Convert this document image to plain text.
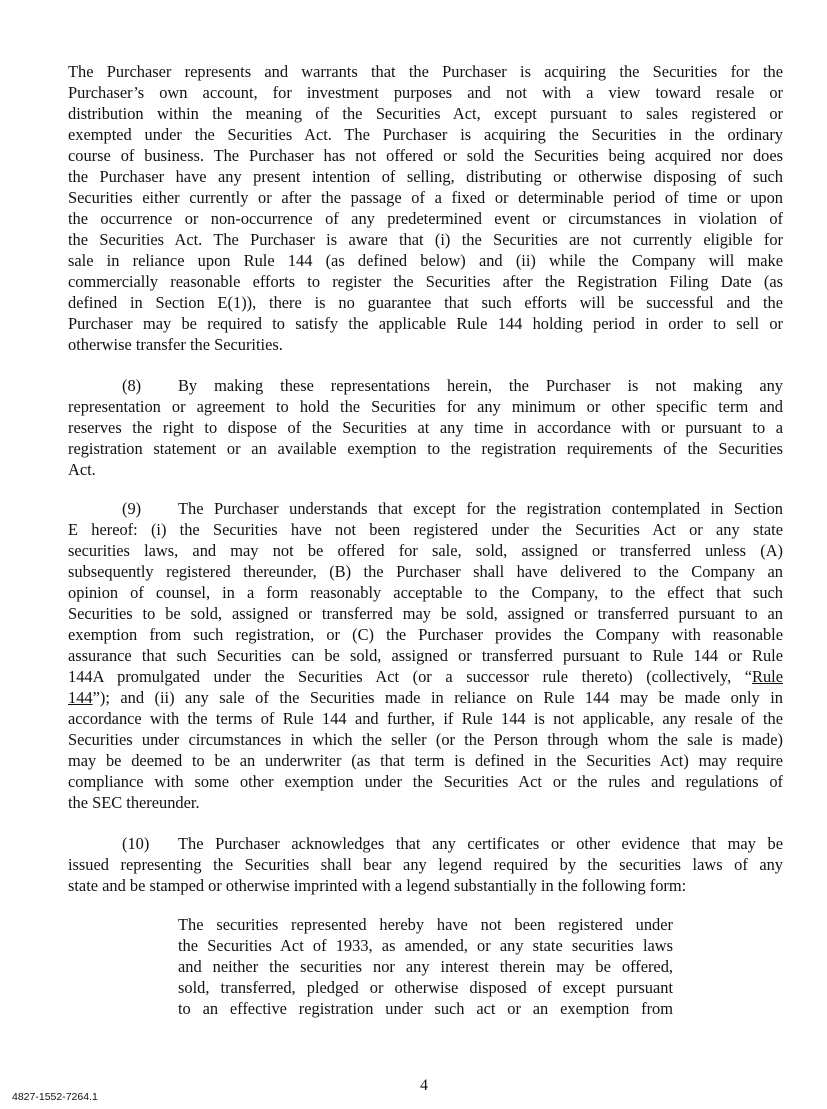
The Purchaser represents and warrants that the Purchaser is acquiring the Securities for the
Purchaser’s own account, for investment purposes and not with a view toward resale or
distribution within the meaning of the Securities Act, except pursuant to sales registered or
exempted under the Securities Act. The Purchaser is acquiring the Securities in the ordinary
course of business. The Purchaser has not offered or sold the Securities being acquired nor does
the Purchaser have any present intention of selling, distributing or otherwise disposing of such
Securities either currently or after the passage of a fixed or determinable period of time or upon
the occurrence or non-occurrence of any predetermined event or circumstances in violation of
the Securities Act. The Purchaser is aware that (i) the Securities are not currently eligible for
sale in reliance upon Rule 144 (as defined below) and (ii) while the Company will make
commercially reasonable efforts to register the Securities after the Registration Filing Date (as
defined in Section E(1)), there is no guarantee that such efforts will be successful and the
Purchaser may be required to satisfy the applicable Rule 144 holding period in order to sell or
otherwise transfer the Securities.
(8) By making these representations herein, the Purchaser is not making any
representation or agreement to hold the Securities for any minimum or other specific term and
reserves the right to dispose of the Securities at any time in accordance with or pursuant to a
registration statement or an available exemption to the registration requirements of the Securities
Act.
(9) The Purchaser understands that except for the registration contemplated in Section
E hereof: (i) the Securities have not been registered under the Securities Act or any state
securities laws, and may not be offered for sale, sold, assigned or transferred unless (A)
subsequently registered thereunder, (B) the Purchaser shall have delivered to the Company an
opinion of counsel, in a form reasonably acceptable to the Company, to the effect that such
Securities to be sold, assigned or transferred may be sold, assigned or transferred pursuant to an
exemption from such registration, or (C) the Purchaser provides the Company with reasonable
assurance that such Securities can be sold, assigned or transferred pursuant to Rule 144 or Rule
144A promulgated under the Securities Act (or a successor rule thereto) (collectively, “Rule
144”); and (ii) any sale of the Securities made in reliance on Rule 144 may be made only in
accordance with the terms of Rule 144 and further, if Rule 144 is not applicable, any resale of the
Securities under circumstances in which the seller (or the Person through whom the sale is made)
may be deemed to be an underwriter (as that term is defined in the Securities Act) may require
compliance with some other exemption under the Securities Act or the rules and regulations of
the SEC thereunder.
(10) The Purchaser acknowledges that any certificates or other evidence that may be
issued representing the Securities shall bear any legend required by the securities laws of any
state and be stamped or otherwise imprinted with a legend substantially in the following form:
The securities represented hereby have not been registered under
the Securities Act of 1933, as amended, or any state securities laws
and neither the securities nor any interest therein may be offered,
sold, transferred, pledged or otherwise disposed of except pursuant
to an effective registration under such act or an exemption from
4
4827-1552-7264.1
